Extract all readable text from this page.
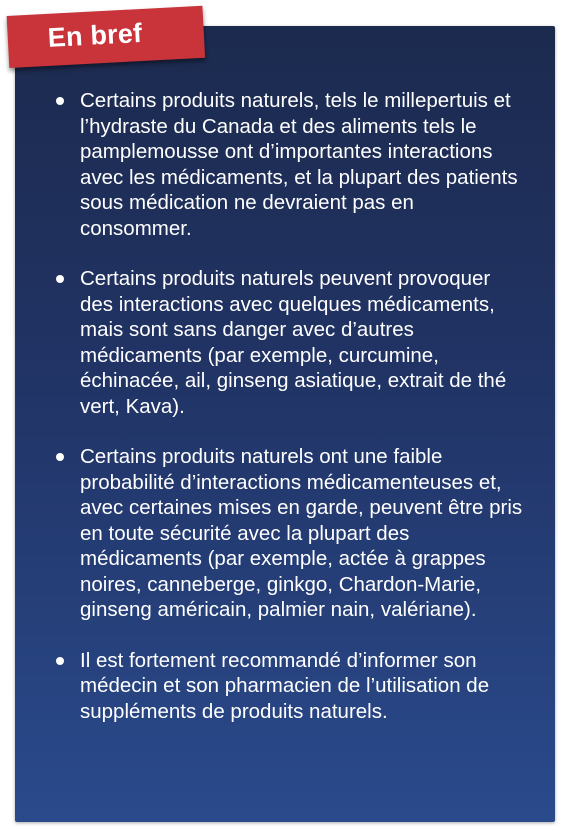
En bref
Certains produits naturels, tels le millepertuis et l’hydraste du Canada et des aliments tels le pamplemousse ont d’importantes interactions avec les médicaments, et la plupart des patients sous médication ne devraient pas en consommer.
Certains produits naturels peuvent provoquer des interactions avec quelques médicaments, mais sont sans danger avec d’autres médicaments (par exemple, curcumine, échinacée, ail, ginseng asiatique, extrait de thé vert, Kava).
Certains produits naturels ont une faible probabilité d’interactions médicamenteuses et, avec certaines mises en garde, peuvent être pris en toute sécurité avec la plupart des médicaments (par exemple, actée à grappes noires, canneberge, ginkgo, Chardon-Marie, ginseng américain, palmier nain, valériane).
Il est fortement recommandé d’informer son médecin et son pharmacien de l’utilisation de suppléments de produits naturels.
